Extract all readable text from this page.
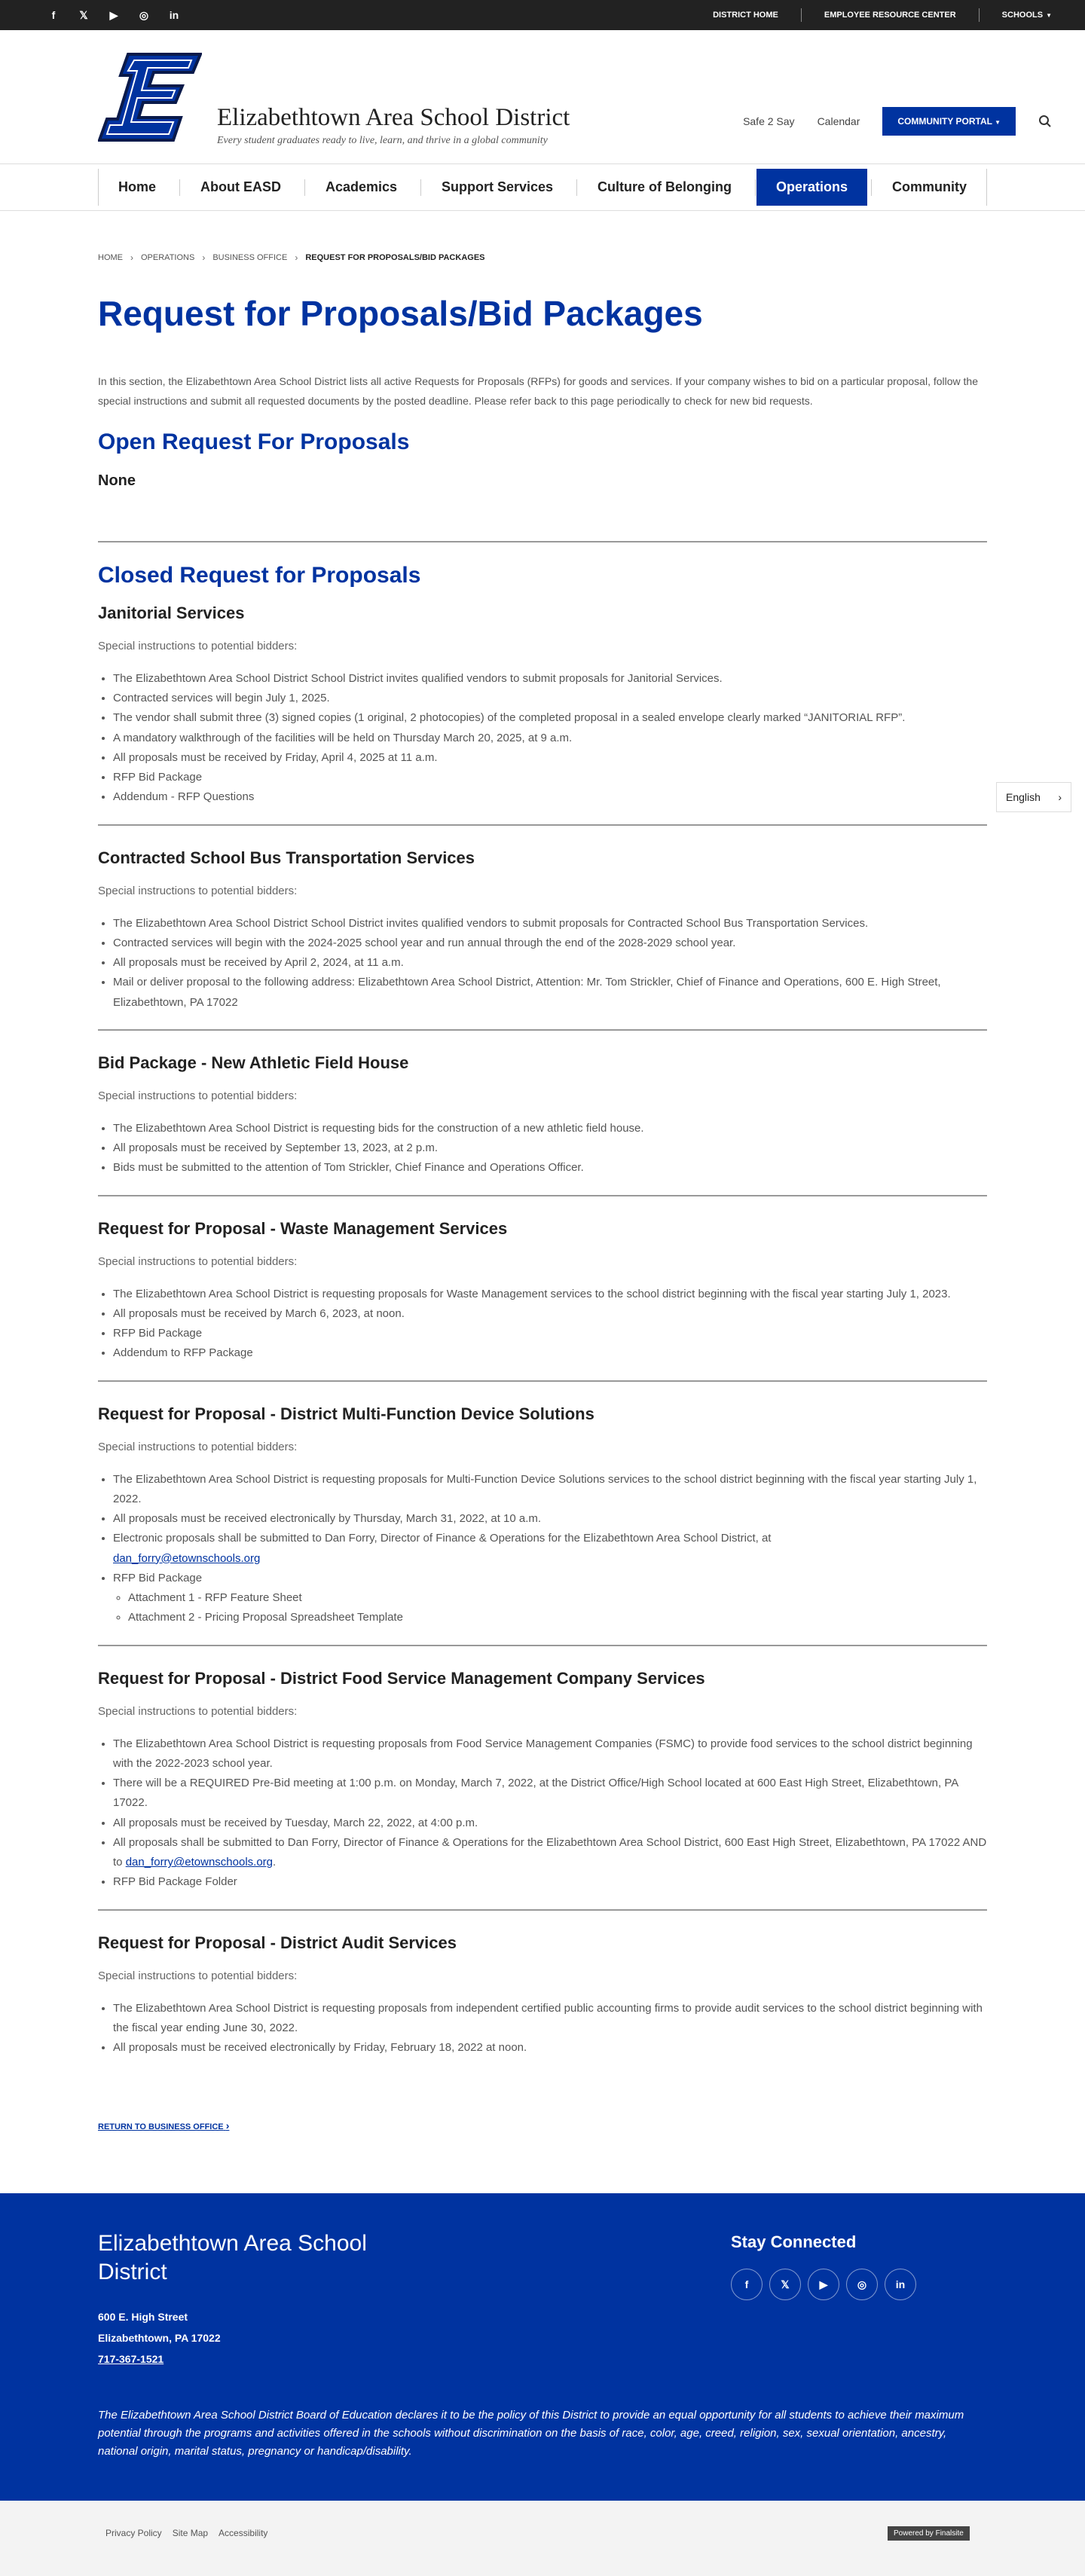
f	𝕏	▶	◎	in	DISTRICT HOME	EMPLOYEE RESOURCE CENTER	SCHOOLS ▼
Elizabethtown Area School District
Every student graduates ready to live, learn, and thrive in a global community
Safe 2 Say Calendar	COMMUNITY PORTAL ▼
Home	About EASD	Academics	Support Services	Culture of Belonging	Operations	Community
HOME › OPERATIONS › BUSINESS OFFICE › REQUEST FOR PROPOSALS/BID PACKAGES
Request for Proposals/Bid Packages

In this section, the Elizabethtown Area School District lists all active Requests for Proposals (RFPs) for goods and services. If your company wishes to bid on a particular proposal, follow the special instructions and submit all requested documents by the posted deadline. Please refer back to this page periodically to check for new bid requests.

Open Request For Proposals
None
Closed Request for Proposals
Janitorial Services

Special instructions to potential bidders:

• The Elizabethtown Area School District School District invites qualified vendors to submit proposals for Janitorial Services.
• Contracted services will begin July 1, 2025.
• The vendor shall submit three (3) signed copies (1 original, 2 photocopies) of the completed proposal in a sealed envelope clearly marked “JANITORIAL RFP”.
• A mandatory walkthrough of the facilities will be held on Thursday March 20, 2025, at 9 a.m.
• All proposals must be received by Friday, April 4, 2025 at 11 a.m.
• RFP Bid Package
• Addendum - RFP Questions
Contracted School Bus Transportation Services

Special instructions to potential bidders:

• The Elizabethtown Area School District School District invites qualified vendors to submit proposals for Contracted School Bus Transportation Services.
• Contracted services will begin with the 2024-2025 school year and run annual through the end of the 2028-2029 school year.
• All proposals must be received by April 2, 2024, at 11 a.m.
• Mail or deliver proposal to the following address: Elizabethtown Area School District, Attention: Mr. Tom Strickler, Chief of Finance and Operations, 600 E. High Street, Elizabethtown, PA 17022
Bid Package - New Athletic Field House

Special instructions to potential bidders:

• The Elizabethtown Area School District is requesting bids for the construction of a new athletic field house.
• All proposals must be received by September 13, 2023, at 2 p.m.
• Bids must be submitted to the attention of Tom Strickler, Chief Finance and Operations Officer.
Request for Proposal - Waste Management Services

Special instructions to potential bidders:

• The Elizabethtown Area School District is requesting proposals for Waste Management services to the school district beginning with the fiscal year starting July 1, 2023.
• All proposals must be received by March 6, 2023, at noon.
• RFP Bid Package
• Addendum to RFP Package
Request for Proposal - District Multi-Function Device Solutions

Special instructions to potential bidders:

• The Elizabethtown Area School District is requesting proposals for Multi-Function Device Solutions services to the school district beginning with the fiscal year starting July 1, 2022.
• All proposals must be received electronically by Thursday, March 31, 2022, at 10 a.m.
• Electronic proposals shall be submitted to Dan Forry, Director of Finance & Operations for the Elizabethtown Area School District, at
dan_forry@etownschools.org
• RFP Bid Package
◦ Attachment 1 - RFP Feature Sheet
◦ Attachment 2 - Pricing Proposal Spreadsheet Template
Request for Proposal - District Food Service Management Company Services

Special instructions to potential bidders:

• The Elizabethtown Area School District is requesting proposals from Food Service Management Companies (FSMC) to provide food services to the school district beginning with the 2022-2023 school year.
• There will be a REQUIRED Pre-Bid meeting at 1:00 p.m. on Monday, March 7, 2022, at the District Office/High School located at 600 East High Street, Elizabethtown, PA 17022.
• All proposals must be received by Tuesday, March 22, 2022, at 4:00 p.m.
• All proposals shall be submitted to Dan Forry, Director of Finance & Operations for the Elizabethtown Area School District, 600 East High Street, Elizabethtown, PA 17022 AND to dan_forry@etownschools.org.
• RFP Bid Package Folder
Request for Proposal - District Audit Services

Special instructions to potential bidders:

• The Elizabethtown Area School District is requesting proposals from independent certified public accounting firms to provide audit services to the school district beginning with the fiscal year ending June 30, 2022.
• All proposals must be received electronically by Friday, February 18, 2022 at noon.
RETURN TO BUSINESS OFFICE ›
English ›
Elizabethtown Area School District
600 E. High Street
Elizabethtown, PA 17022
717-367-1521
Stay Connected
f	𝕏	▶	◎	in

The Elizabethtown Area School District Board of Education declares it to be the policy of this District to provide an equal opportunity for all students to achieve their maximum potential through the programs and activities offered in the schools without discrimination on the basis of race, color, age, creed, religion, sex, sexual orientation, ancestry, national origin, marital status, pregnancy or handicap/disability.

Privacy Policy Site Map Accessibility	Powered by Finalsite
